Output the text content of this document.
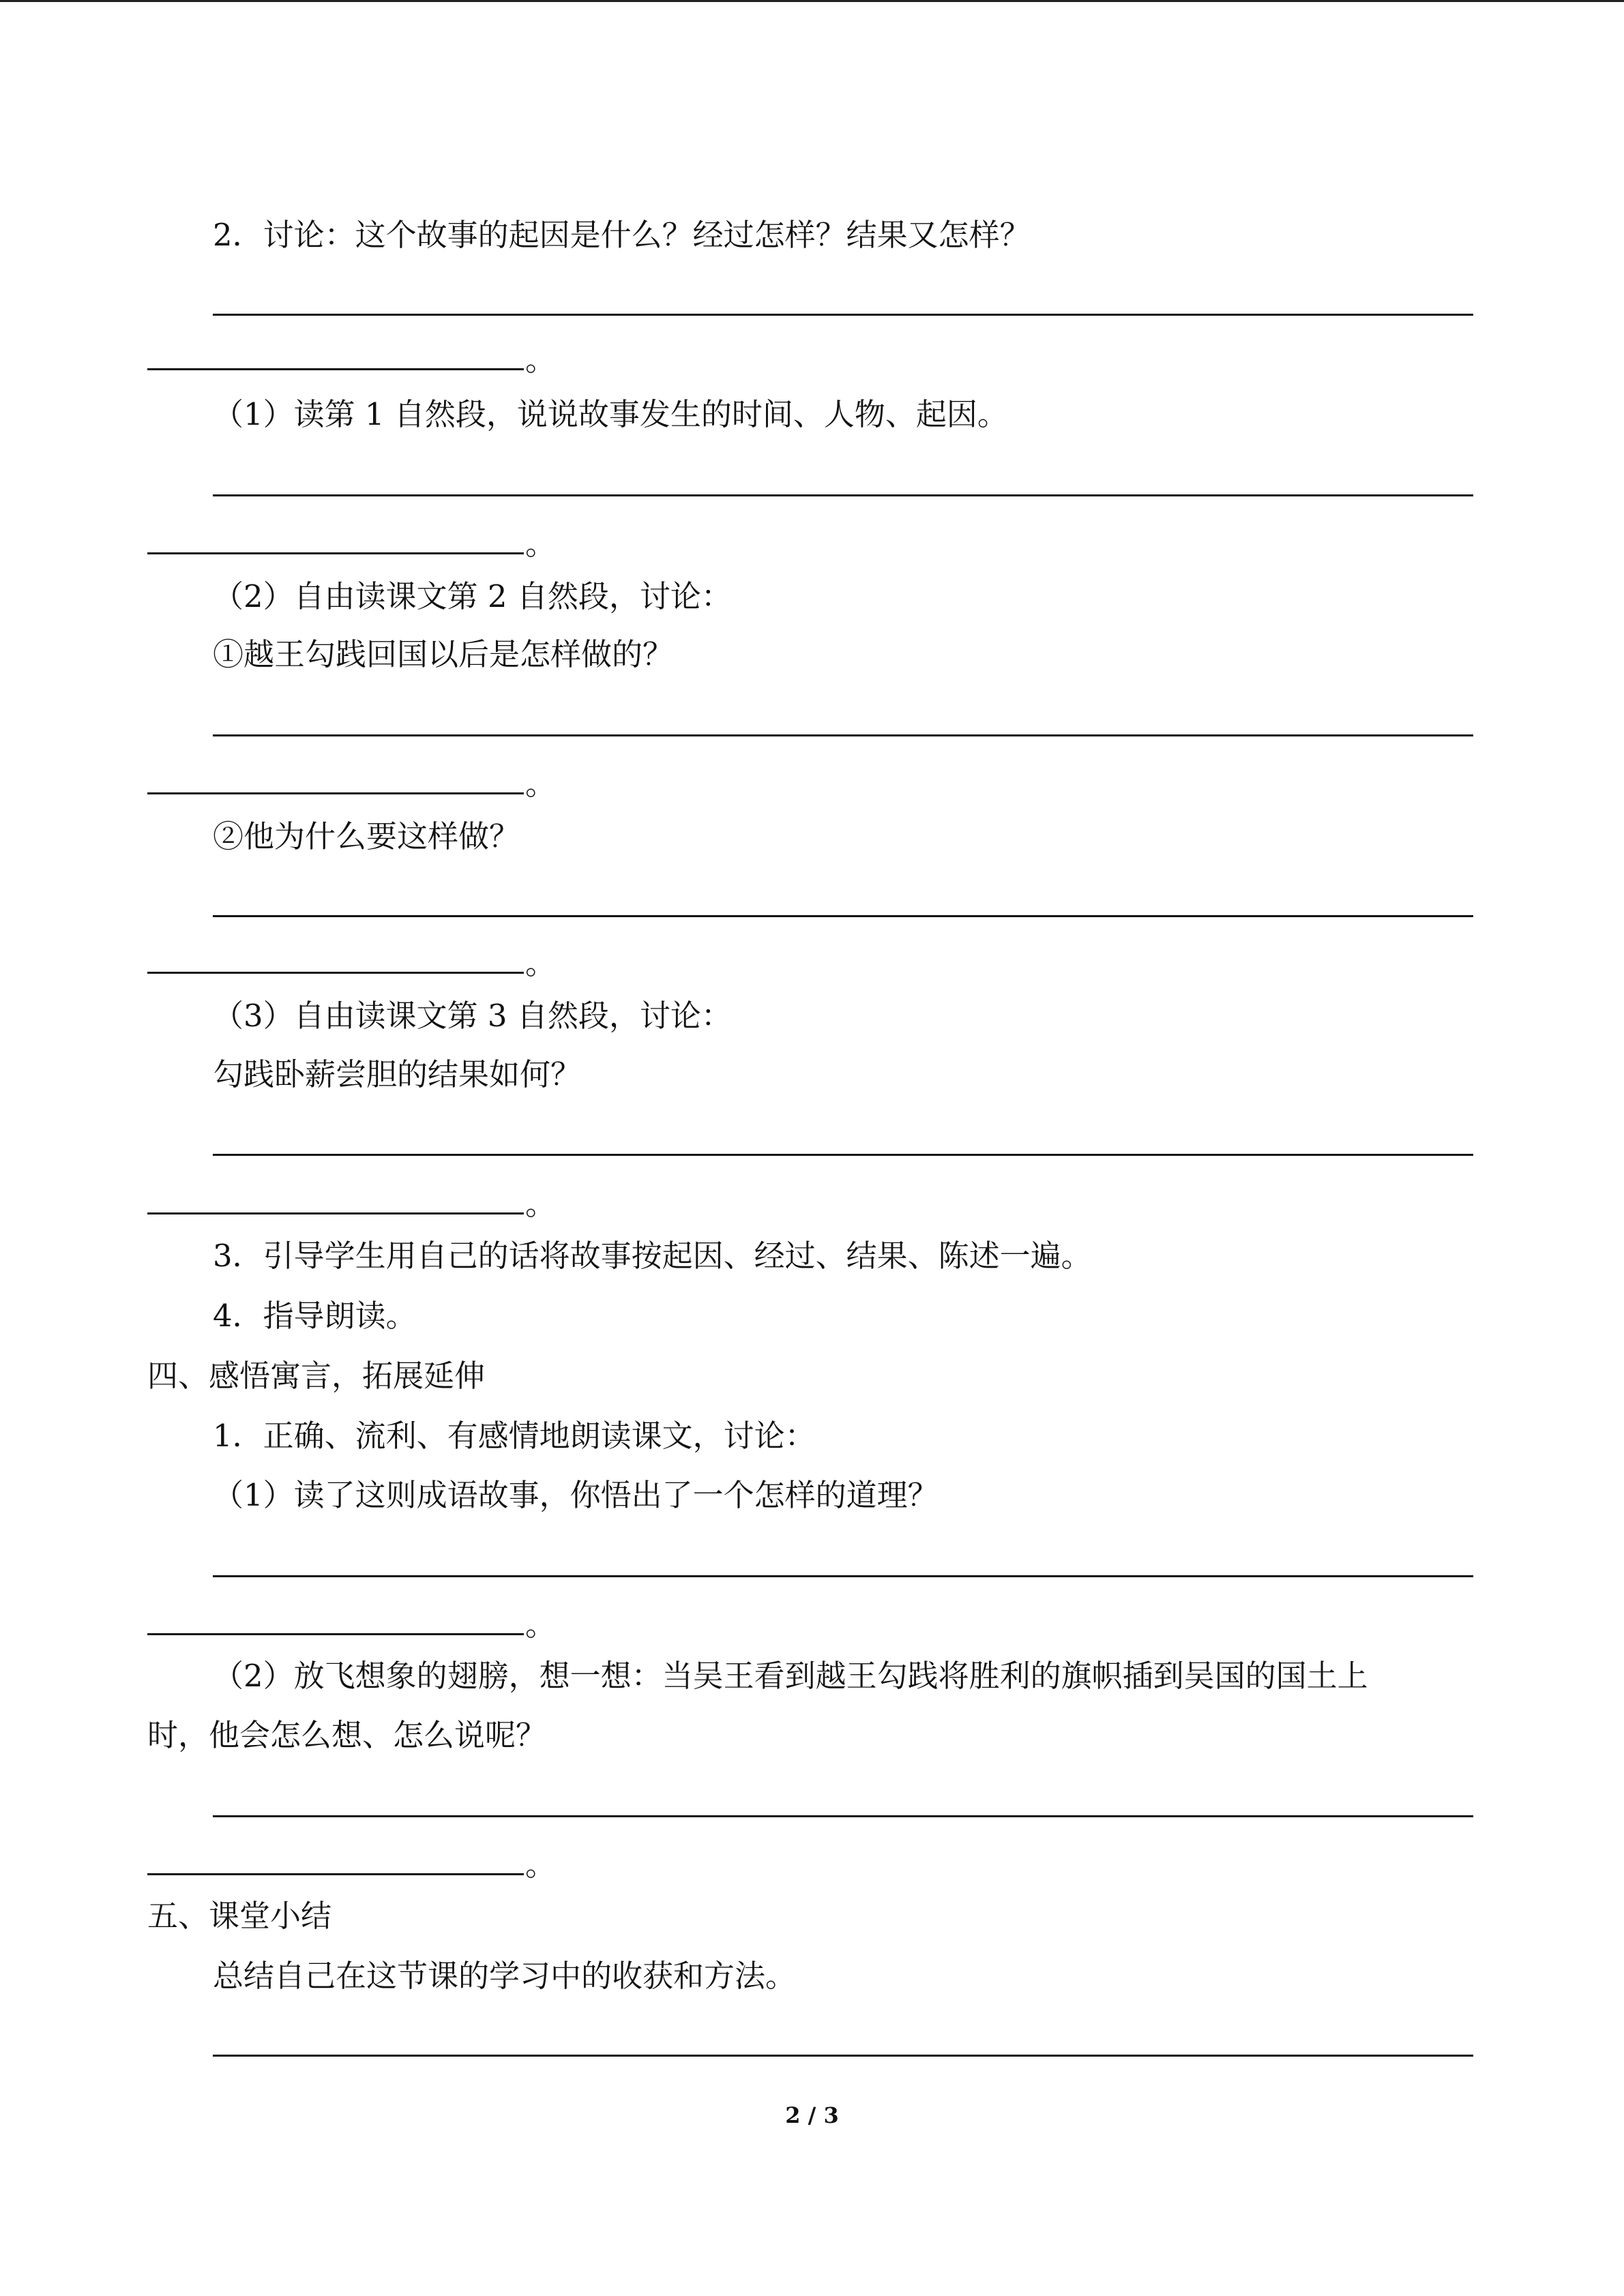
2．讨论：这个故事的起因是什么？经过怎样？结果又怎样？
。
（1）读第 1 自然段，说说故事发生的时间、人物、起因。
。
（2）自由读课文第 2 自然段，讨论：
①越王勾践回国以后是怎样做的？
。
②他为什么要这样做？
。
（3）自由读课文第 3 自然段，讨论：
勾践卧薪尝胆的结果如何？
。
3．引导学生用自己的话将故事按起因、经过、结果、陈述一遍。
4．指导朗读。
四、感悟寓言，拓展延伸
1．正确、流利、有感情地朗读课文，讨论：
（1）读了这则成语故事，你悟出了一个怎样的道理？
。
（2）放飞想象的翅膀，想一想：当吴王看到越王勾践将胜利的旗帜插到吴国的国土上
时，他会怎么想、怎么说呢？
。
五、课堂小结
总结自己在这节课的学习中的收获和方法。
2 / 3
